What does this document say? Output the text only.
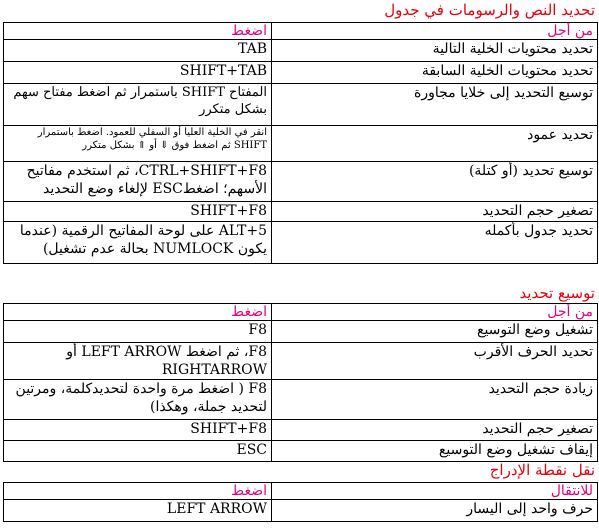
تحديد النص والرسومات في جدول
من أجل	اضغط
تحديد محتويات الخلية التالية	TAB
تحديد محتويات الخلية السابقة	SHIFT+TAB
توسيع التحديد إلى خلايا مجاورة	المفتاح SHIFT باستمرار ثم اضغط مفتاح سهم بشكل متكرر
تحديد عمود	انقر في الخلية العليا أو السفلي للعمود. اضغط باستمرار SHIFT ثم اضغط فوق ⇓ أو ⇑ بشكل متكرر
توسيع تحديد (أو كتلة)	CTRL+SHIFT+F8، ثم استخدم مفاتيح الأسهم؛ اضغطESC لإلغاء وضع التحديد
تصغير حجم التحديد	SHIFT+F8
تحديد جدول بأكمله	ALT+5 على لوحة المفاتيح الرقمية (عندما يكون NUMLOCK بحالة عدم تشغيل)
توسيع تحديد
من أجل	اضغط
تشغيل وضع التوسيع	F8
تحديد الحرف الأقرب	F8، ثم اضغط LEFT ARROW أو RIGHTARROW
زيادة حجم التحديد	F8 ( اضغط مرة واحدة لتحديدكلمة، ومرتين لتحديد جملة، وهكذا)
تصغير حجم التحديد	SHIFT+F8
إيقاف تشغيل وضع التوسيع	ESC
نقل نقطة الإدراج
للانتقال	اضغط
حرف واحد إلى اليسار	LEFT ARROW
